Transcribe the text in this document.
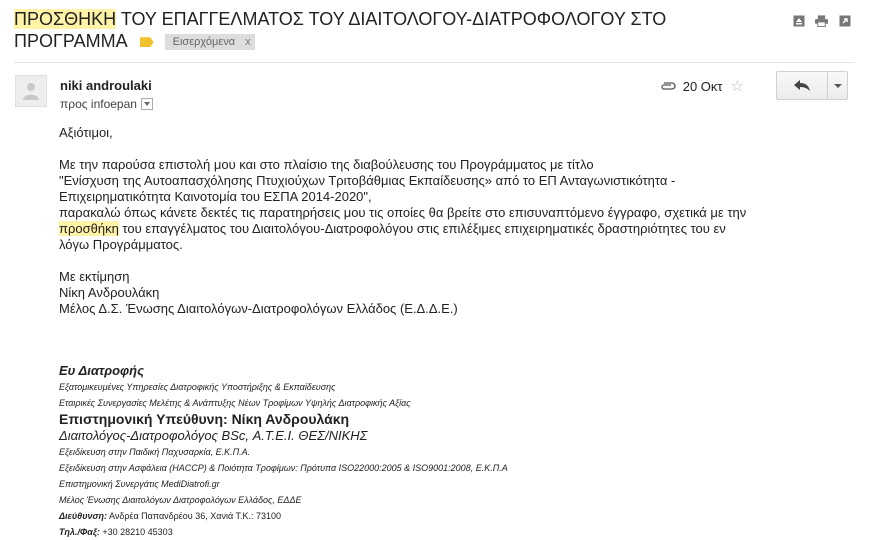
ΠΡΟΣΘΗΚΗ ΤΟΥ ΕΠΑΓΓΕΛΜΑΤΟΣ ΤΟΥ ΔΙΑΙΤΟΛΟΓΟΥ-ΔΙΑΤΡΟΦΟΛΟΓΟΥ ΣΤΟ ΠΡΟΓΡΑΜΜΑ	Εισερχόμενα x
niki androulaki
προς
infoepan
20 Οκτ ☆

Αξιότιμοι,

Με την παρούσα επιστολή μου και στο πλαίσιο της διαβούλευσης του Προγράμματος με τίτλο

"Ενίσχυση της Αυτοαπασχόλησης Πτυχιούχων Τριτοβάθμιας Εκπαίδευσης» από το ΕΠ Ανταγωνιστικότητα -

Επιχειρηματικότητα Καινοτομία του ΕΣΠΑ 2014-2020",

παρακαλώ όπως κάνετε δεκτές τις παρατηρήσεις μου τις οποίες θα βρείτε στο επισυναπτόμενο έγγραφο, σχετικά με την

προσθήκη του επαγγέλματος του Διαιτολόγου-Διατροφολόγου στις επιλέξιμες επιχειρηματικές δραστηριότητες του εν

λόγω Προγράμματος.

Με εκτίμηση

Νίκη Ανδρουλάκη

Μέλος Δ.Σ. Ένωσης Διαιτολόγων-Διατροφολόγων Ελλάδος (Ε.Δ.Δ.Ε.)

Ευ Διατροφής
Εξατομικευμένες Υπηρεσίες Διατροφικής Υποστήριξης & Εκπαίδευσης
Εταιρικές Συνεργασίες Μελέτης & Ανάπτυξης Νέων Τροφίμων Υψηλής Διατροφικής Αξίας
Επιστημονική Υπεύθυνη: Νίκη Ανδρουλάκη
Διαιτολόγος-Διατροφολόγος BSc, Α.Τ.Ε.Ι. ΘΕΣ/ΝΙΚΗΣ
Εξειδίκευση στην Παιδική Παχυσαρκία, Ε.Κ.Π.Α.
Εξειδίκευση στην Ασφάλεια (HACCP) & Ποιότητα Τροφίμων: Πρότυπα ISO22000:2005 & ISO9001:2008, Ε.Κ.Π.Α
Επιστημονική Συνεργάτις MediDiatrofi.gr
Μέλος Ένωσης Διαιτολόγων Διατροφολόγων Ελλάδος, ΕΔΔΕ
Διεύθυνση: Ανδρέα Παπανδρέου 36, Χανιά Τ.Κ.: 73100
Τηλ./Φαξ: +30 28210 45303
